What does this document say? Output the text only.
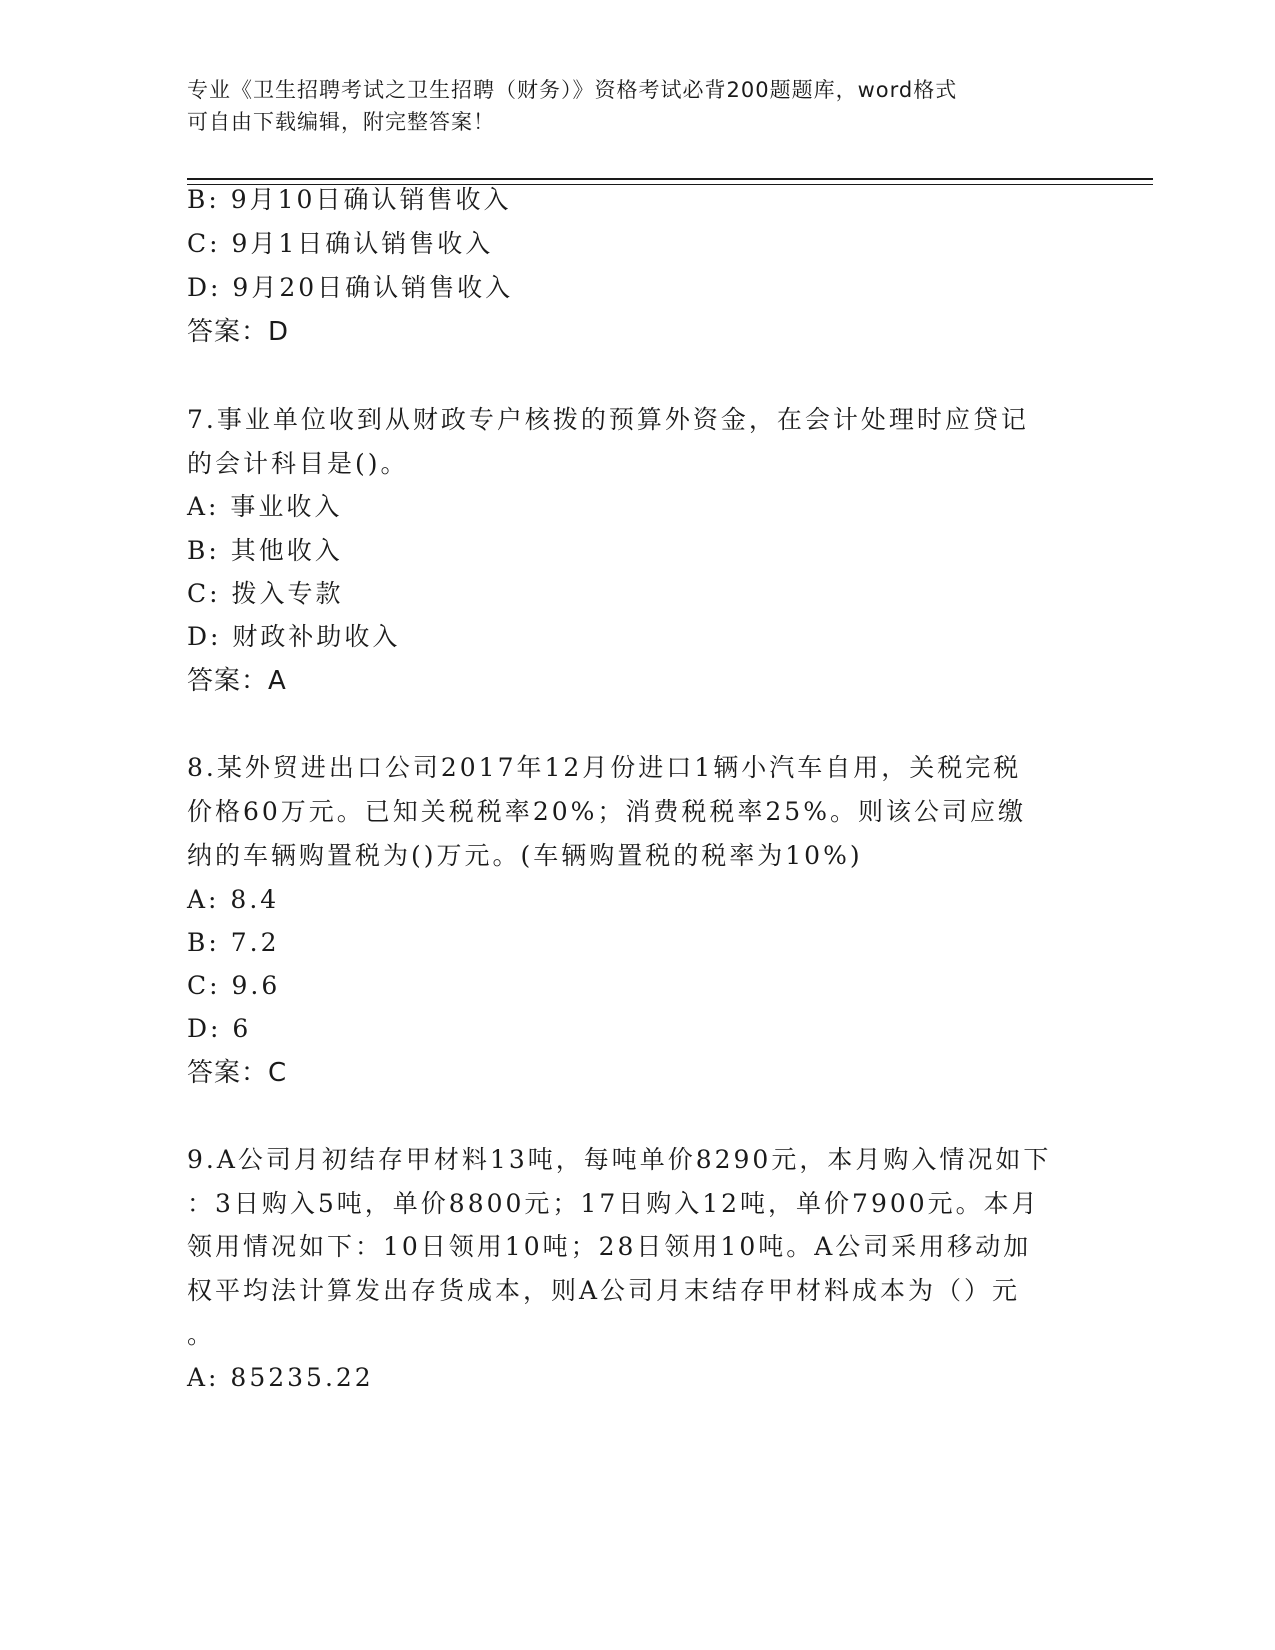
专业《卫生招聘考试之卫生招聘（财务）》资格考试必背200题题库，word格式
可自由下载编辑，附完整答案！
B: 9月10日确认销售收入
C: 9月1日确认销售收入
D: 9月20日确认销售收入
答案：D
7.事业单位收到从财政专户核拨的预算外资金，在会计处理时应贷记
的会计科目是()。
A: 事业收入
B: 其他收入
C: 拨入专款
D: 财政补助收入
答案：A
8.某外贸进出口公司2017年12月份进口1辆小汽车自用，关税完税
价格60万元。已知关税税率20%；消费税税率25%。则该公司应缴
纳的车辆购置税为()万元。(车辆购置税的税率为10%)
A: 8.4
B: 7.2
C: 9.6
D: 6
答案：C
9.A公司月初结存甲材料13吨，每吨单价8290元，本月购入情况如下
：3日购入5吨，单价8800元；17日购入12吨，单价7900元。本月
领用情况如下：10日领用10吨；28日领用10吨。A公司采用移动加
权平均法计算发出存货成本，则A公司月末结存甲材料成本为（）元
。
A: 85235.22
